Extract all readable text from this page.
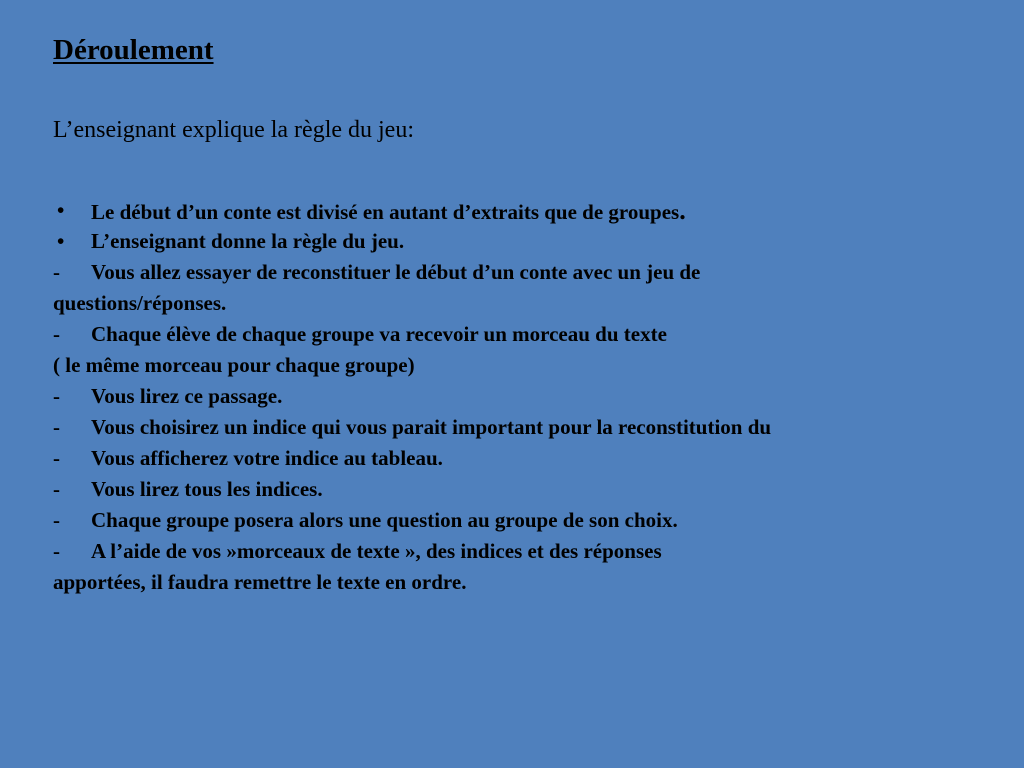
Déroulement
L’enseignant explique la règle du jeu:
•	Le début d’un conte est divisé en autant d’extraits que de groupes.
•	L’enseignant donne la règle du jeu.
-	Vous allez essayer de reconstituer le début d’un conte avec un jeu de
questions/réponses.
-	Chaque élève de chaque groupe va recevoir un morceau du texte
( le même morceau pour chaque groupe)
-	Vous lirez ce passage.
-	Vous choisirez un indice qui vous parait important pour la reconstitution du
-	Vous afficherez votre indice au tableau.
-	Vous lirez tous les indices.
-	Chaque groupe posera alors une question au groupe de son choix.
-	A l’aide de vos »morceaux de texte », des indices et des réponses
apportées, il faudra remettre le texte en ordre.
